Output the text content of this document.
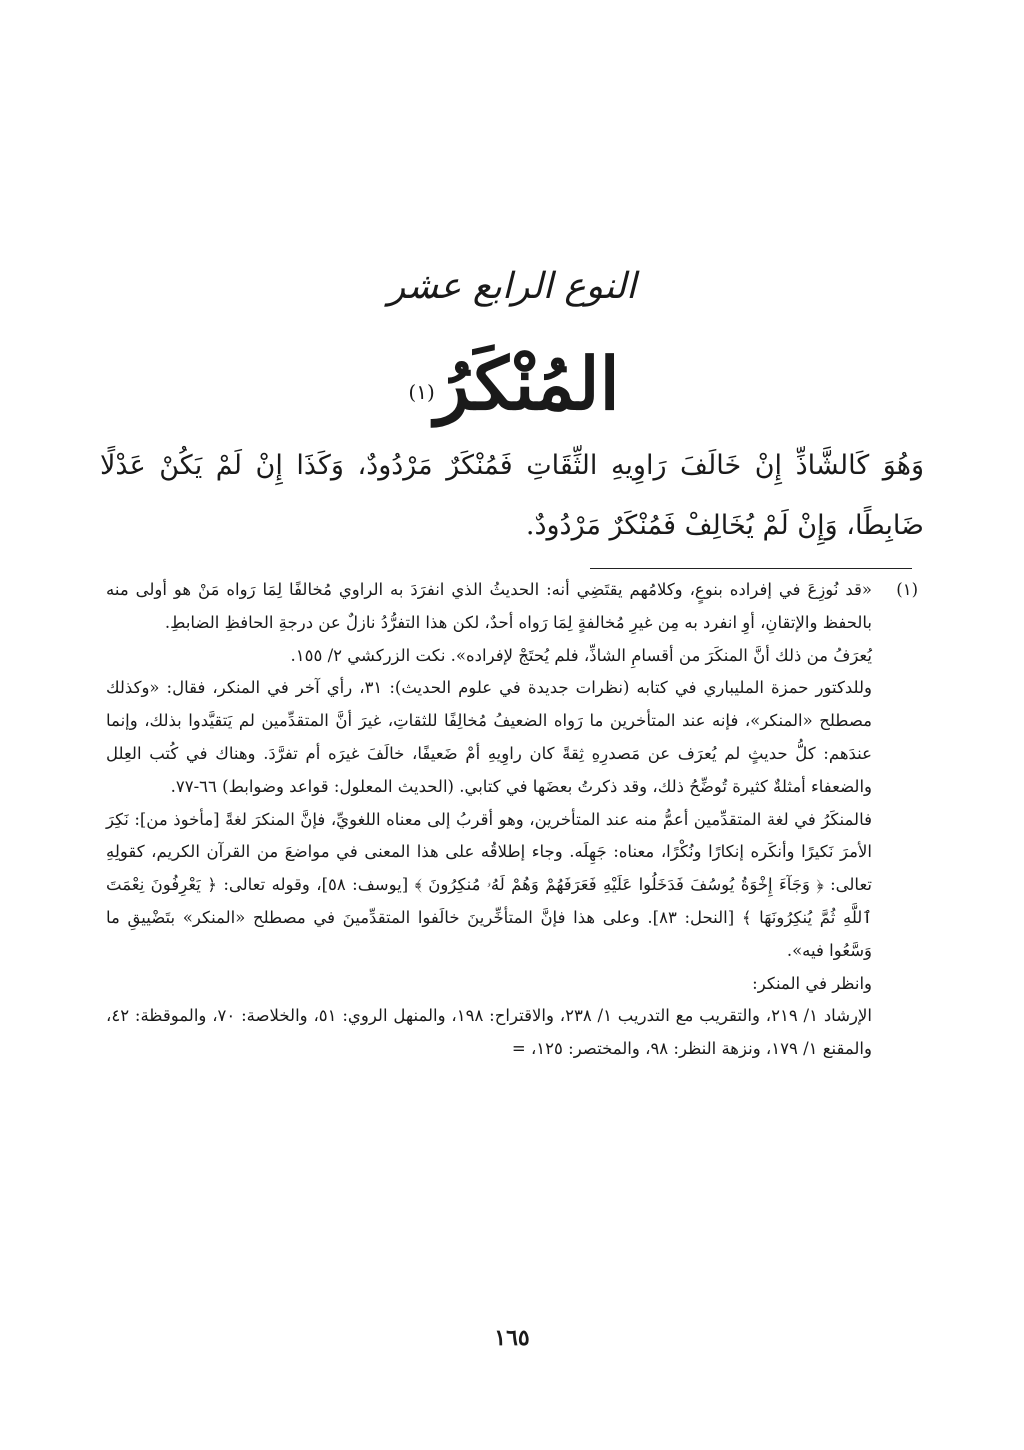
النوع الرابع عشر
المُنْكَرُ$^{(١)}$
وَهُوَ كَالشَّاذِّ إِنْ خَالَفَ رَاوِيهِ الثِّقَاتِ فَمُنْكَرٌ مَرْدُودٌ، وَكَذَا إِنْ لَمْ يَكُنْ عَدْلًا ضَابِطًا، وَإِنْ لَمْ يُخَالِفْ فَمُنْكَرٌ مَرْدُودٌ.

(١)
«قد نُوزِعَ في إفراده بنوعٍ، وكلامُهم يقتَضِي أنه: الحديثُ الذي انفرَدَ به الراوي مُخالفًا لِمَا رَواه مَنْ هو أولى منه بالحفظ والإتقانِ، أوِ انفرد به مِن غيرِ مُخالفةٍ لِمَا رَواه أحدٌ، لكن هذا التفرُّدُ نازلٌ عن درجةِ الحافظِ الضابطِ.

يُعرَفُ من ذلك أنَّ المنكَرَ من أقسامِ الشاذِّ، فلم يُحتَجْ لإفراده». نكت الزركشي ٢/ ١٥٥.

وللدكتور حمزة المليباري في كتابه (نظرات جديدة في علوم الحديث): ٣١، رأي آخر في المنكر، فقال: «وكذلك مصطلح «المنكر»، فإنه عند المتأخرين ما رَواه الضعيفُ مُخالِفًا للثقاتِ، غيرَ أنَّ المتقدِّمين لم يَتقيَّدوا بذلك، وإنما عندَهم: كلُّ حديثٍ لم يُعرَف عن مَصدرِهِ ثِقةً كان راوِيهِ أمْ ضَعيفًا، خالَفَ غيرَه أم تفرَّدَ. وهناك في كُتب العِلل والضعفاء أمثلةٌ كثيرة تُوضِّحُ ذلك، وقد ذكرتُ بعضَها في كتابي. (الحديث المعلول: قواعد وضوابط) ٦٦-٧٧.

فالمنكَرُ في لغة المتقدِّمين أعمُّ منه عند المتأخرين، وهو أقربُ إلى معناه اللغويِّ، فإنَّ المنكرَ لغةً [مأخوذ من]: نَكِرَ الأمرَ نَكيرًا وأنكَره إنكارًا ونُكْرًا، معناه: جَهِلَه. وجاء إطلاقُه على هذا المعنى في مواضعَ من القرآن الكريم، كقولِهِ تعالى: ﴿ وَجَآءَ إِخْوَةُ يُوسُفَ فَدَخَلُوا عَلَيْهِ فَعَرَفَهُمْ وَهُمْ لَهُۥ مُنكِرُونَ ﴾ [يوسف: ٥٨]، وقوله تعالى: ﴿ يَعْرِفُونَ نِعْمَتَ ٱللَّهِ ثُمَّ يُنكِرُونَهَا ﴾ [النحل: ٨٣]. وعلى هذا فإنَّ المتأخِّرينَ خالَفوا المتقدِّمينَ في مصطلح «المنكر» بتَضْييقِ ما وَسَّعُوا فيه».

وانظر في المنكر:

الإرشاد ١/ ٢١٩، والتقريب مع التدريب ١/ ٢٣٨، والاقتراح: ١٩٨، والمنهل الروي: ٥١، والخلاصة: ٧٠، والموقظة: ٤٢، والمقنع ١/ ١٧٩، ونزهة النظر: ٩٨، والمختصر: ١٢٥، =

١٦٥
